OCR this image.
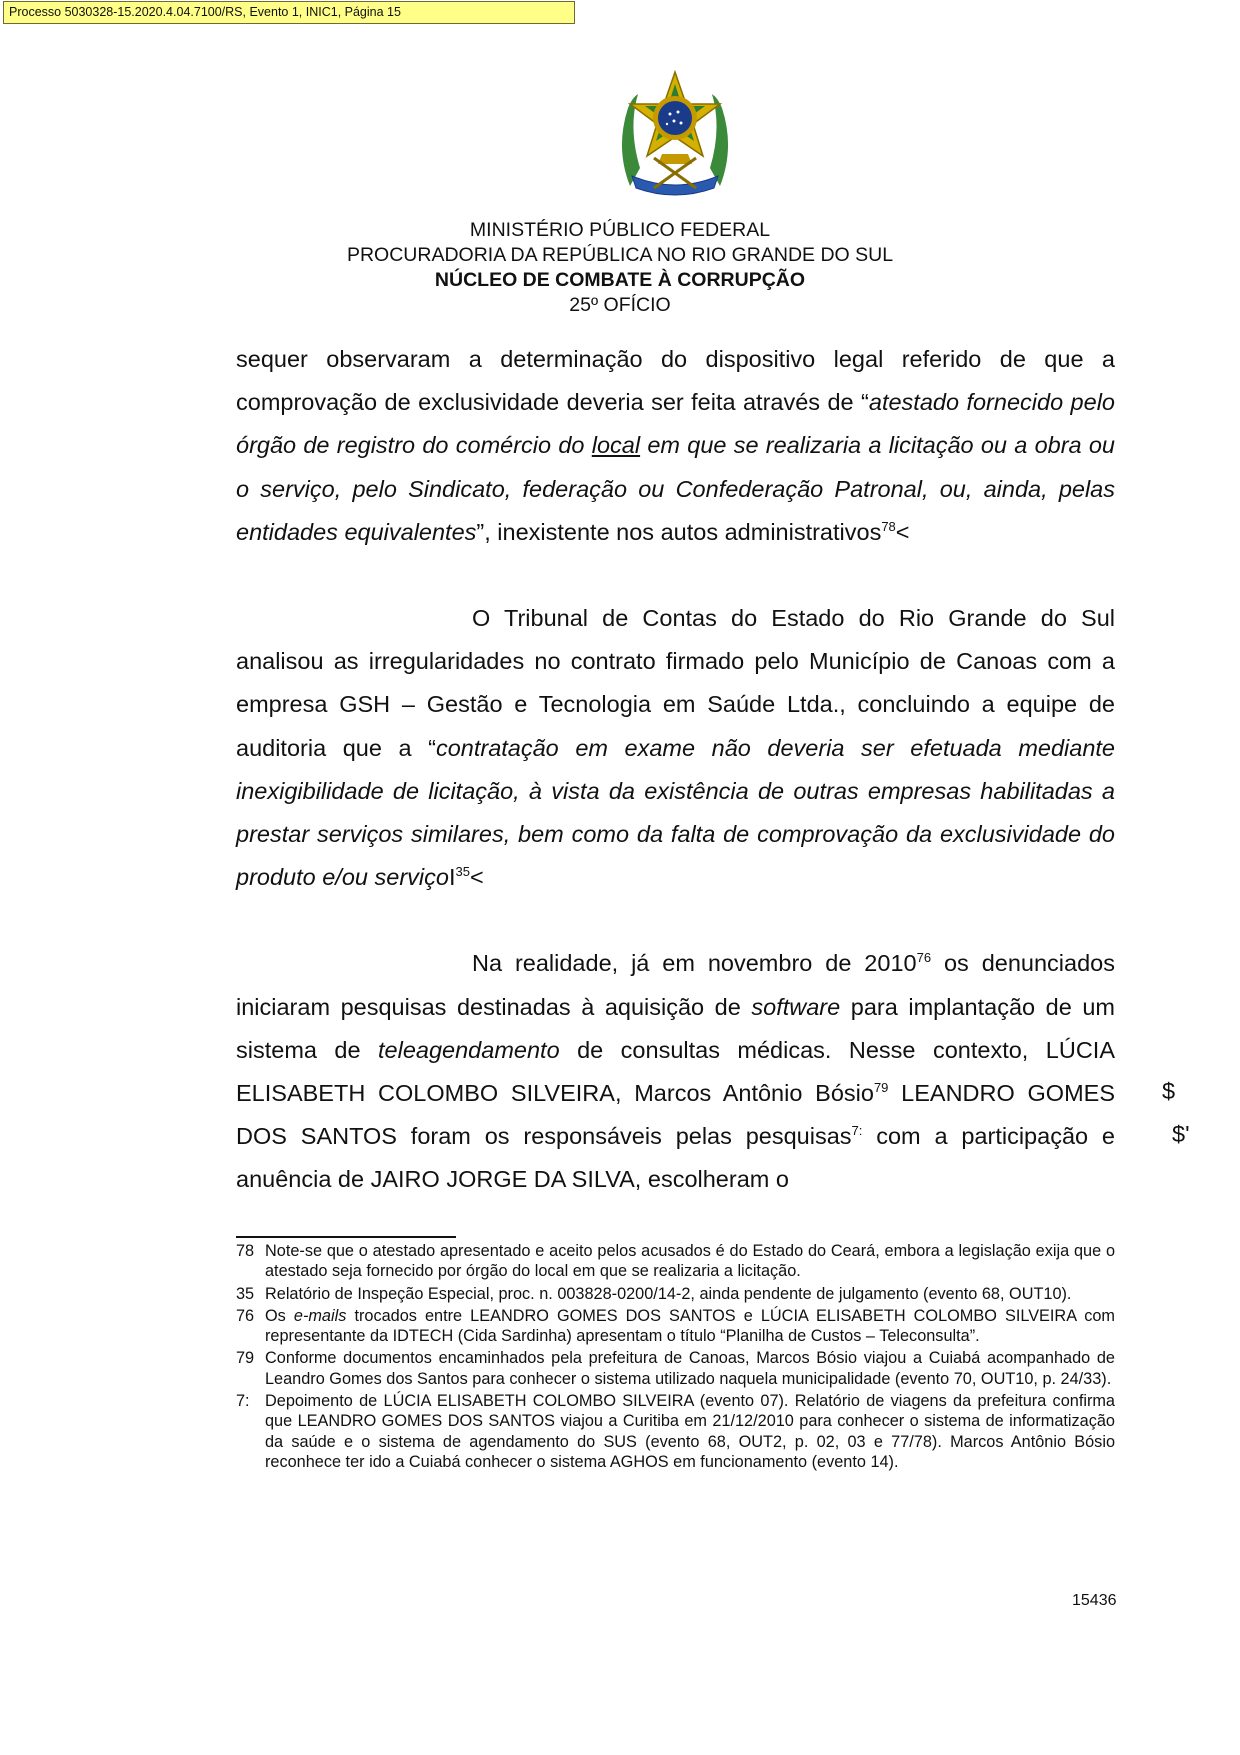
Processo 5030328-15.2020.4.04.7100/RS, Evento 1, INIC1, Página 15
MINISTÉRIO PÚBLICO FEDERAL
PROCURADORIA DA REPÚBLICA NO RIO GRANDE DO SUL
NÚCLEO DE COMBATE À CORRUPÇÃO
25º OFÍCIO

sequer observaram a determinação do dispositivo legal referido de que a comprovação de exclusividade deveria ser feita através de “atestado fornecido pelo órgão de registro do comércio do local em que se realizaria a licitação ou a obra ou o serviço, pelo Sindicato, federação ou Confederação Patronal, ou, ainda, pelas entidades equivalentes”, inexistente nos autos administrativos$^{78}$<

O Tribunal de Contas do Estado do Rio Grande do Sul analisou as irregularidades no contrato firmado pelo Município de Canoas com a empresa GSH – Gestão e Tecnologia em Saúde Ltda., concluindo a equipe de auditoria que a “contratação em exame não deveria ser efetuada mediante inexigibilidade de licitação, à vista da existência de outras empresas habilitadas a prestar serviços similares, bem como da falta de comprovação da exclusividade do produto e/ou serviçoI$^{35}$<

Na realidade, já em novembro de 2010$^{76}$ os denunciados iniciaram pesquisas destinadas à aquisição de software para implantação de um sistema de teleagendamento de consultas médicas. Nesse contexto, LÚCIA ELISABETH COLOMBO SILVEIRA, Marcos Antônio Bósio$^{79}$ LEANDRO GOMES DOS SANTOS foram os responsáveis pelas pesquisas$^{7:}$ com a participação e anuência de JAIRO JORGE DA SILVA, escolheram o

$
$'
78 Note-se que o atestado apresentado e aceito pelos acusados é do Estado do Ceará, embora a legislação exija que o atestado seja fornecido por órgão do local em que se realizaria a licitação.
35 Relatório de Inspeção Especial, proc. n. 003828-0200/14-2, ainda pendente de julgamento (evento 68, OUT10).
76 Os e-mails trocados entre LEANDRO GOMES DOS SANTOS e LÚCIA ELISABETH COLOMBO SILVEIRA com representante da IDTECH (Cida Sardinha) apresentam o título “Planilha de Custos – Teleconsulta”.
79 Conforme documentos encaminhados pela prefeitura de Canoas, Marcos Bósio viajou a Cuiabá acompanhado de Leandro Gomes dos Santos para conhecer o sistema utilizado naquela municipalidade (evento 70, OUT10, p. 24/33).
7: Depoimento de LÚCIA ELISABETH COLOMBO SILVEIRA (evento 07). Relatório de viagens da prefeitura confirma que LEANDRO GOMES DOS SANTOS viajou a Curitiba em 21/12/2010 para conhecer o sistema de informatização da saúde e o sistema de agendamento do SUS (evento 68, OUT2, p. 02, 03 e 77/78). Marcos Antônio Bósio reconhece ter ido a Cuiabá conhecer o sistema AGHOS em funcionamento (evento 14).
15436
